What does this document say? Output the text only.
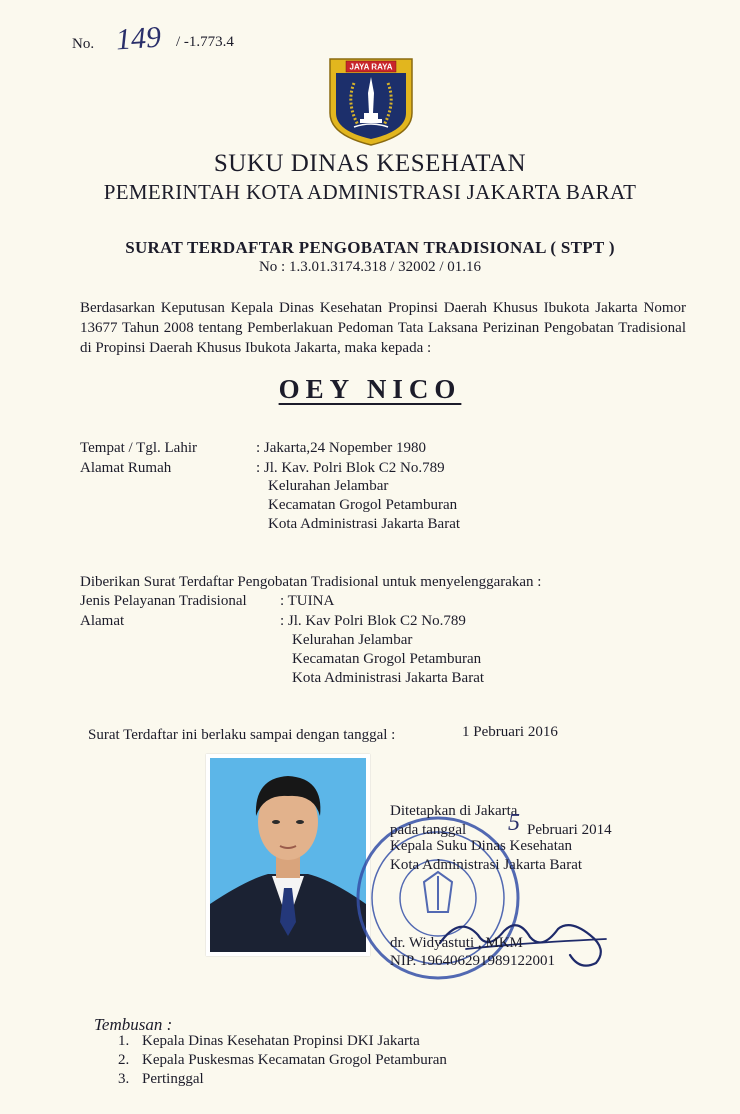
No. 149 / -1.773.4
JAYA RAYA
SUKU DINAS KESEHATAN
PEMERINTAH KOTA ADMINISTRASI JAKARTA BARAT
SURAT TERDAFTAR PENGOBATAN TRADISIONAL ( STPT )
No : 1.3.01.3174.318 / 32002 / 01.16
Berdasarkan Keputusan Kepala Dinas Kesehatan Propinsi Daerah Khusus Ibukota Jakarta Nomor 13677 Tahun 2008 tentang Pemberlakuan Pedoman Tata Laksana Perizinan Pengobatan Tradisional di Propinsi Daerah Khusus Ibukota Jakarta, maka kepada :
OEY NICO
Tempat / Tgl. Lahir	: Jakarta,24 Nopember 1980
Alamat Rumah	: Jl. Kav. Polri Blok C2 No.789
Kelurahan Jelambar
Kecamatan Grogol Petamburan
Kota Administrasi Jakarta Barat
Diberikan Surat Terdaftar Pengobatan Tradisional untuk menyelenggarakan :
Jenis Pelayanan Tradisional : TUINA
Alamat	: Jl. Kav Polri Blok C2 No.789
Kelurahan Jelambar
Kecamatan Grogol Petamburan
Kota Administrasi Jakarta Barat
Surat Terdaftar ini berlaku sampai dengan tanggal :	1 Pebruari 2016
Ditetapkan di Jakarta
pada tanggal 5 Pebruari 2014
Kepala Suku Dinas Kesehatan
Kota Administrasi Jakarta Barat
dr. Widyastuti , MKM
NIP. 196406291989122001
Tembusan :
1. Kepala Dinas Kesehatan Propinsi DKI Jakarta
2. Kepala Puskesmas Kecamatan Grogol Petamburan
3. Pertinggal
